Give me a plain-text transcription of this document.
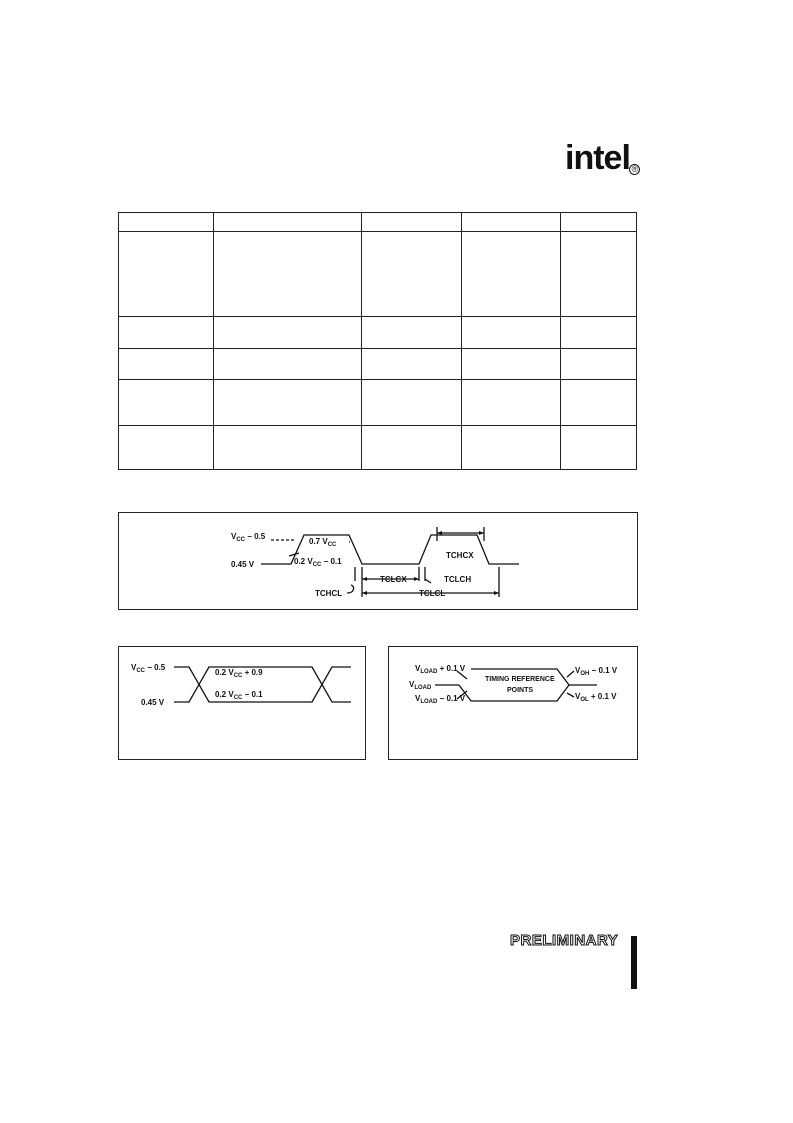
intel ®

$V_{CC} - 0.5$
0.45 V
0.7 $V_{CC}$
0.2 $V_{CC} - 0.1$
TCHCX
TCLCX	TCLCH
TCHCL	TCLCL
$V_{CC} - 0.5$
0.45 V
0.2 $V_{CC} + 0.9$
0.2 $V_{CC} - 0.1$
$V_{LOAD} + 0.1$ V
$V_{LOAD}$
$V_{LOAD} - 0.1$ V
TIMING REFERENCE
POINTS
$V_{OH} - 0.1$ V
$V_{OL} + 0.1$ V
PRELIMINARY
